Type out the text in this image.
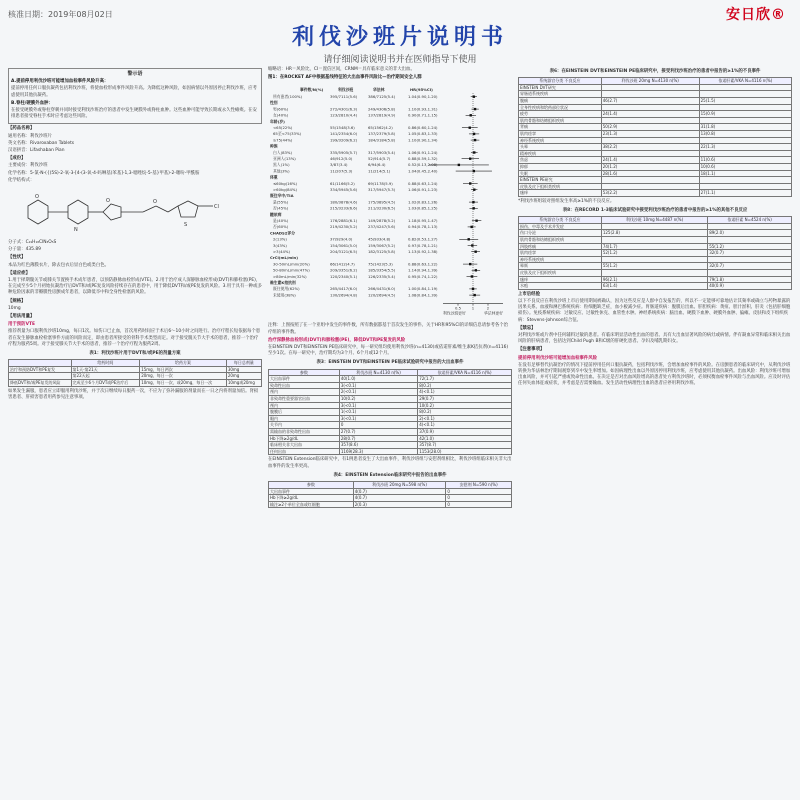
核准日期：2019年08月02日	安日欣®
利伐沙班片说明书
请仔细阅读说明书并在医师指导下使用
警示语
A.提前停用利伐沙班可能增加血栓事件风险升高：
提前停用任何口服抗凝药包括利伐沙班，将使血栓形成事件风险升高。为降低这种风险，如因病情以外原因停止利伐沙班，应考虑使用其他抗凝药。
B.脊柱/硬膜外血肿：
在接受硬膜外或脊柱穿刺并同时接受利伐沙班治疗的患者中发生硬膜外或脊柱血肿。这些血肿可能导致长期或永久性瘫痪。在安排患者接受脊柱手术时应考虑这些风险。
【药品名称】
通用名称：利伐沙班片
英文名称：Rivaroxaban Tablets
汉语拼音：Lifashaban Pian
【成份】
主要成份：利伐沙班
化学名称：5-氯-N-({(5S)-2-氧-3-[4-(3-氧-4-吗啉基)苯基]-1,3-噁唑烷-5-基}甲基)-2-噻吩-甲酰胺
化学结构式：
O
O	O
S
Cl
N
分子式：C₁₉H₁₈ClN₃O₅S
分子量：435.89
【性状】
本品为红色薄膜衣片，除去包衣后显白色或类白色。
【适应症】
1.用于择期髋关节或膝关节置换手术成年患者，以预防静脉血栓形成(VTE)。2.用于治疗成人深静脉血栓形成(DVT)和肺栓塞(PE)，在完成至少5个月初始抗凝治疗后DVT和/或PE复发风险持续存在的患者中，用于降低DVT和/或PE复发的风险。3.用于具有一种或多种危险因素的非瓣膜性房颤成年患者，以降低卒中和全身性栓塞的风险。
【规格】
10mg
【用法用量】
用于预防VTE
推荐剂量为口服利伐沙班10mg，每日1次。如伤口已止血，首次用药时间应于术后6～10小时之间进行。治疗疗程长短依据每个患者在发生静脉血栓栓塞事件方面的风险而定，即由患者所接受的骨科手术类型而定。对于接受髋关节大手术的患者，推荐一个治疗疗程为服药5周。对于接受膝关节大手术的患者，推荐一个治疗疗程为服药2周。
表1：利伐沙班片用于DVT和/或PE的剂量方案
	给药时间	给药方案	每日总剂量
治疗和预防DVT和PE复发	第1天-第21天	15mg，每日两次	30mg
	第22天起	20mg，每日一次	20mg
降低DVT和/或PE复发的风险	完成至少6个月DVT或PE治疗后	10mg，每日一次，或20mg，每日一次	10mg或20mg
如果发生漏服，患者应立即服用利伐沙班，并于次日继续每日服药一次，不应为了弥补漏服的剂量而在一日之内将剂量加倍。肾损害患者、肝损害患者用药参见注意事项。
缩略语：HR＝风险比，CI＝置信区间，CRNM＝具有临床意义的非大出血。
图1：在ROCKET AF中根据基线特征的大出血事件风险比—治疗期间安全人群
事件数/N(%)	利伐沙班	华法林	HR(95%CI)
所有患者(100%)	395/7111(5.6)	386/7125(5.4)	1.04(0.90,1.20)
性别
男(60%)	272/4301(6.3)	249/4306(5.8)	1.10(0.93,1.31)
女(40%)	123/2810(4.4)	137/2819(4.9)	0.90(0.71,1.15)
年龄(岁)
<65(22%)	55/1548(3.6)	65/1562(4.2)	0.86(0.60,1.24)
65至<75(33%)	141/2354(6.0)	137/2379(5.8)	1.05(0.83,1.33)
≥75(44%)	199/3209(6.2)	184/3184(5.8)	1.10(0.90,1.34)
种族
白人(83%)	335/5905(5.7)	317/5903(5.4)	1.06(0.91,1.24)
亚洲人(13%)	46/912(5.0)	52/914(5.7)	0.88(0.59,1.32)
黑人(1%)	3/87(3.4)	6/94(6.4)	0.52(0.13,2.08)
其他(3%)	11/207(5.3)	11/214(5.1)	1.04(0.45,2.40)
体重
≤60kg(16%)	61/1166(5.2)	69/1178(5.9)	0.88(0.63,1.24)
>60kg(84%)	334/5945(5.6)	317/5947(5.3)	1.06(0.91,1.23)
既往卒中/TIA
是(55%)	180/3878(4.6)	175/3895(4.5)	1.02(0.83,1.26)
否(45%)	215/3233(6.6)	211/3230(6.5)	1.03(0.85,1.25)
糖尿病
是(40%)	176/2881(6.1)	149/2878(5.2)	1.18(0.95,1.47)
否(60%)	219/4230(5.2)	237/4247(5.6)	0.94(0.78,1.13)
CHADS2评分
2(13%)	37/929(4.0)	45/933(4.8)	0.82(0.53,1.27)
3(43%)	154/3061(5.0)	159/3067(5.2)	0.97(0.78,1.21)
>3(44%)	204/3121(6.5)	182/3125(5.8)	1.13(0.92,1.38)
CrCl(mL/min)
30-50mL/min(20%)	66/1412(4.7)	75/1423(5.3)	0.88(0.63,1.22)
50-80mL/min(47%)	209/3351(6.2)	185/3354(5.5)	1.14(0.94,1.39)
>80mL/min(32%)	120/2340(5.1)	126/2335(5.4)	0.95(0.74,1.22)
维生素K拮抗剂
既往使用(62%)	265/4417(6.0)	266/4431(6.0)	1.00(0.84,1.19)
未使用(38%)	130/2694(4.8)	120/2694(4.5)	1.08(0.84,1.39)
0.5	1	2
利伐沙班更好	华法林更好
注释：上图按照了在一个亚组中发生的事件数，所有数据都基于首次发生的事件。关于HR和95%CI的详细信息请参考各个治疗组的事件数。
治疗深静脉血栓形成(DVT)和肺栓塞(PE)，降低DVT和PE复发的风险
在EINSTEIN DVT和EINSTEIN PE临床研究中，每一研究组均使用利伐沙班(n=4130)或依诺肝素/维生素K拮抗剂(n=4116)至少1次。在每一研究中，治疗期均为3个月、6个月或12个月。
表3：EINSTEIN DVT和EINSTEIN PE临床试验研究中报告的大出血事件
参数	利伐沙班 N=4130 n(%)	依诺肝素/VKA N=4116 n(%)
大出血事件	40(1.0)	72(1.7)
致命性出血	3(<0.1)	8(0.2)
颅内	2(<0.1)	4(<0.1)
非致命性重要器官出血	10(0.2)	29(0.7)
颅内	3(<0.1)	10(0.2)
腹膜后	1(<0.1)	8(0.2)
眼内	3(<0.1)	2(<0.1)
关节内	0	4(<0.1)
需输血的非致命性出血	27(0.7)	37(0.9)
Hb下降≥2g/dL	28(0.7)	42(1.0)
临床相关非大出血	357(8.6)	357(8.7)
任何出血	1169(28.3)	1153(28.0)
在EINSTEIN Extension临床研究中，有1例患者发生了大出血事件，利伐沙班组与安慰剂组相比，利伐沙班组临床相关非大出血事件的发生率更高。
表4：EINSTEIN Extension临床研究中报告的出血事件
参数	利伐沙班 20mg N=598 n(%)	安慰剂 N=590 n(%)
大出血事件	4(0.7)	0
Hb下降≥2g/dL	4(0.7)	0
输注≥2个单位全血或红细胞	2(0.3)	0
表6：在EINSTEIN DVT和EINSTEIN PE临床研究中，接受利伐沙班治疗的患者中报告的≥1%的不良事件
系统器官分类 不良反应	利伐沙班 20mg N=4130 n(%)	依诺肝素/VKA N=4116 n(%)
EINSTEIN DVT研究		
胃肠道系统疾病		
腹痛	46(2.7)	25(1.5)
全身性疾病和给药部位状况		
疲劳	24(1.4)	15(0.9)
肌肉骨骼和结缔组织疾病		
背痛	50(2.9)	31(1.8)
肌肉痉挛	23(1.3)	13(0.8)
神经系统疾病		
头晕	38(2.2)	22(1.3)
精神疾病		
焦虑	24(1.4)	11(0.6)
抑郁	20(1.2)	10(0.6)
失眠	28(1.6)	18(1.1)
EINSTEIN PE研究		
皮肤及皮下组织类疾病		
瘙痒	53(2.2)	27(1.1)
*利伐沙班组较对照组发生率高≥1%的不良反应。
表8：在RECORD 1-3临床试验研究中接受利伐沙班治疗的患者中报告的≥1%的其他不良反应
系统器官分类 不良反应	利伐沙班 10mg N=4487 n(%)	依诺肝素 N=4524 n(%)
损伤、中毒及手术并发症		
伤口分泌	125(2.8)	89(2.0)
肌肉骨骼和结缔组织疾病		
四肢疼痛	74(1.7)	55(1.2)
肌肉痉挛	52(1.2)	32(0.7)
神经系统疾病		
晕厥	55(1.2)	32(0.7)
皮肤及皮下组织疾病		
瘙痒	96(2.1)	79(1.8)
水疱	63(1.4)	40(0.9)
上市后经验
以下不良反应在利伐沙班上市后使用期间被确认，因为这些反应是人群中自发报告的，所以不一定能够可靠地估计其频率或确立与药物暴露的因果关系。血液和淋巴系统疾病：粒细胞缺乏症，血小板减少症。胃肠道疾病：腹膜后出血。肝胆疾病：黄疸、胆汁淤积、肝炎（包括肝细胞损伤）。免疫系统疾病：过敏反应、过敏性休克、血管性水肿。神经系统疾病：脑出血、硬膜下血肿、硬膜外血肿、偏瘫。皮肤和皮下组织疾病：Stevens-Johnson综合征。
【禁忌】
对利伐沙班或片剂中任何辅料过敏的患者。有临床明显活动性出血的患者。具有大出血显著风险的病灶或病情。伴有凝血异常和临床相关出血风险的肝病患者，包括达到Child Pugh B和C级的肝硬化患者。孕妇及哺乳期妇女。
【注意事项】
提前停用利伐沙班可能增加血栓事件风险
在没有足够替代抗凝治疗的情况下提前停用任何口服抗凝药，包括利伐沙班，会增加血栓事件的风险。在房颤患者的临床研究中，从利伐沙班转换为华法林治疗期间观察到卒中发生率增加。如因病理性出血以外原因停用利伐沙班，应考虑使用其他抗凝药。出血风险：利伐沙班可增加出血风险，并可引起严重或致命性出血。在决定是否对出血风险增高的患者处方利伐沙班时，必须权衡血栓事件风险与出血风险。应及时评估任何失血体征或症状，并考虑是否需要输血。发生活动性病理性出血的患者应停用利伐沙班。
